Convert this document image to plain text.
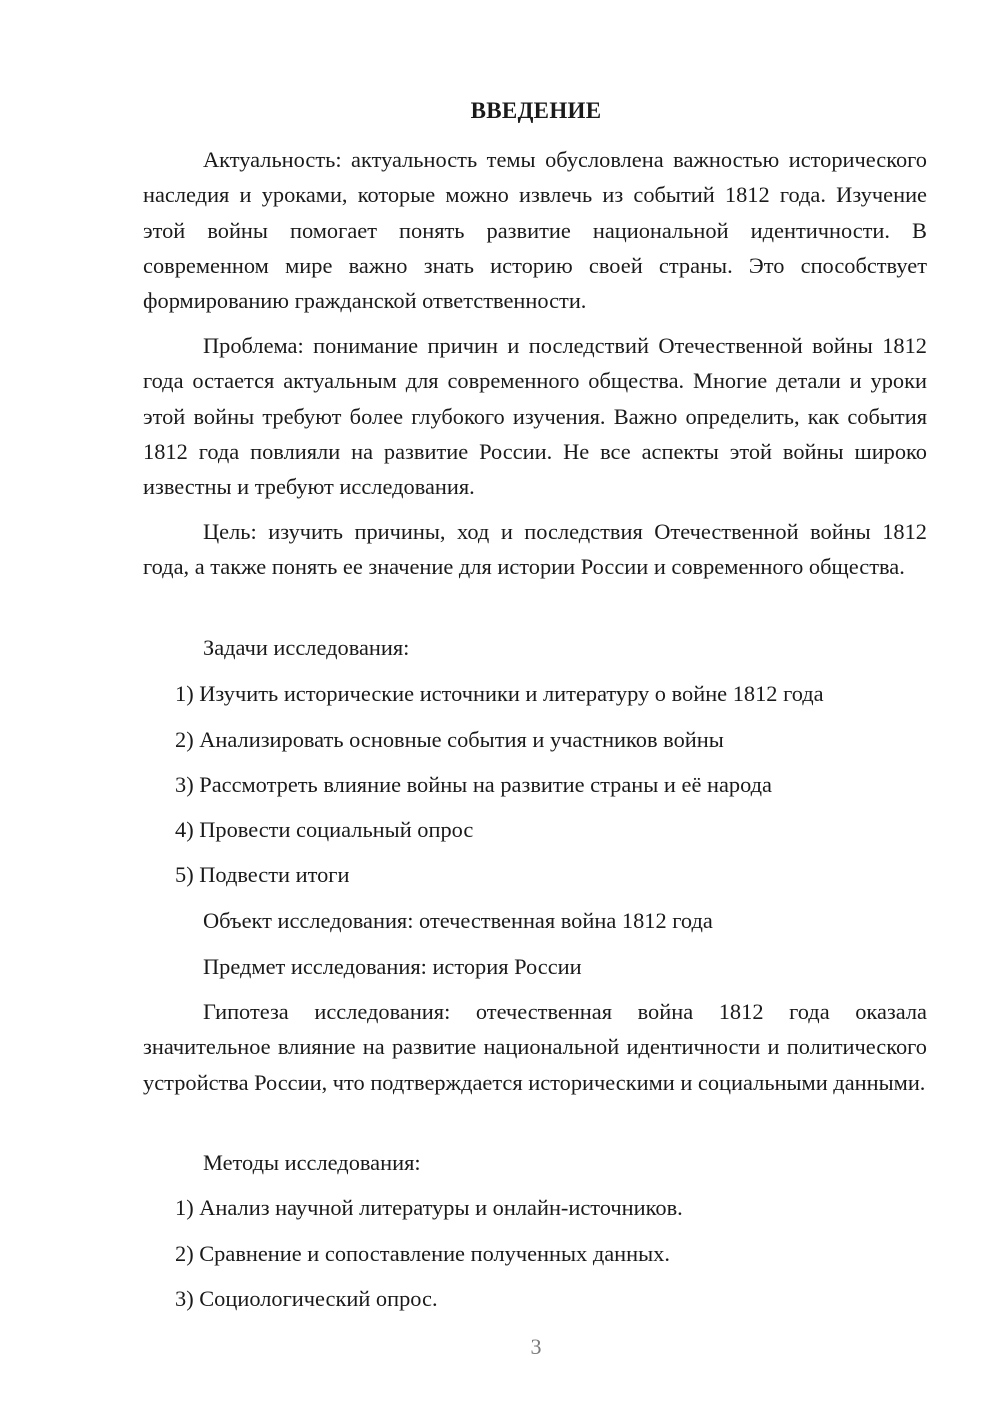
ВВЕДЕНИЕ

Актуальность: актуальность темы обусловлена важностью исторического наследия и уроками, которые можно извлечь из событий 1812 года. Изучение этой войны помогает понять развитие национальной идентичности. В современном мире важно знать историю своей страны. Это способствует формированию гражданской ответственности.

Проблема: понимание причин и последствий Отечественной войны 1812 года остается актуальным для современного общества. Многие детали и уроки этой войны требуют более глубокого изучения. Важно определить, как события 1812 года повлияли на развитие России. Не все аспекты этой войны широко известны и требуют исследования.

Цель: изучить причины, ход и последствия Отечественной войны 1812 года, а также понять ее значение для истории России и современного общества.

Задачи исследования:

1) Изучить исторические источники и литературу о войне 1812 года

2) Анализировать основные события и участников войны

3) Рассмотреть влияние войны на развитие страны и её народа

4) Провести социальный опрос

5) Подвести итоги

Объект исследования: отечественная война 1812 года

Предмет исследования: история России

Гипотеза исследования: отечественная война 1812 года оказала значительное влияние на развитие национальной идентичности и политического устройства России, что подтверждается историческими и социальными данными.

Методы исследования:

1) Анализ научной литературы и онлайн-источников.

2) Сравнение и сопоставление полученных данных.

3) Социологический опрос.

3
